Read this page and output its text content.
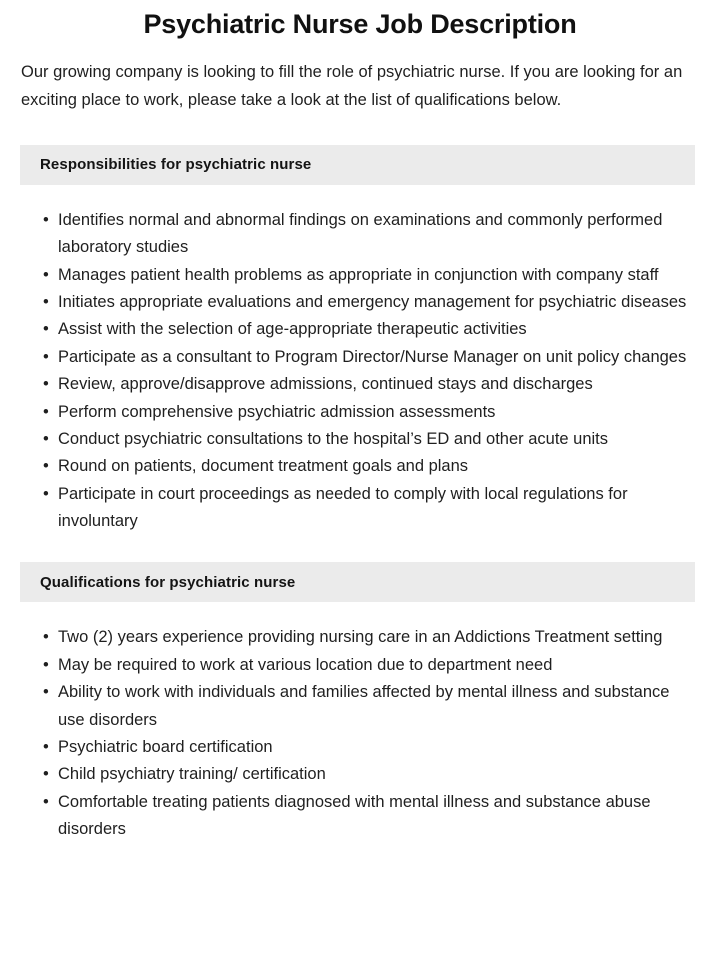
Psychiatric Nurse Job Description

Our growing company is looking to fill the role of psychiatric nurse. If you are looking for an exciting place to work, please take a look at the list of qualifications below.

Responsibilities for psychiatric nurse
• Identifies normal and abnormal findings on examinations and commonly performed laboratory studies
• Manages patient health problems as appropriate in conjunction with company staff
• Initiates appropriate evaluations and emergency management for psychiatric diseases
• Assist with the selection of age-appropriate therapeutic activities
• Participate as a consultant to Program Director/Nurse Manager on unit policy changes
• Review, approve/disapprove admissions, continued stays and discharges
• Perform comprehensive psychiatric admission assessments
• Conduct psychiatric consultations to the hospital’s ED and other acute units
• Round on patients, document treatment goals and plans
• Participate in court proceedings as needed to comply with local regulations for involuntary
Qualifications for psychiatric nurse
• Two (2) years experience providing nursing care in an Addictions Treatment setting
• May be required to work at various location due to department need
• Ability to work with individuals and families affected by mental illness and substance use disorders
• Psychiatric board certification
• Child psychiatry training/ certification
• Comfortable treating patients diagnosed with mental illness and substance abuse disorders
